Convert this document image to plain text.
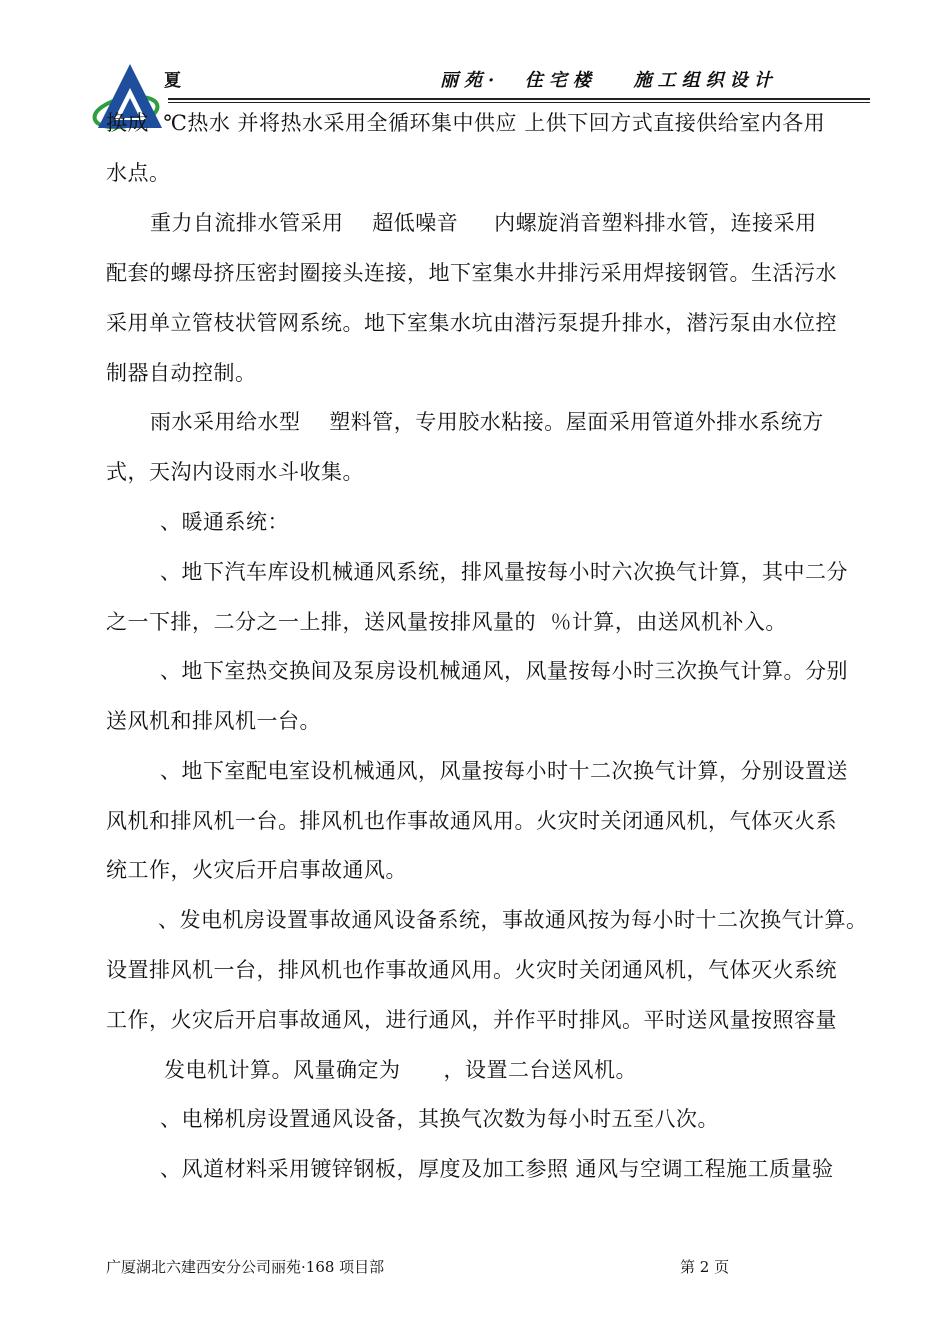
夏	丽苑·  住宅楼   施工组织设计
换成  ℃热水 并将热水采用全循环集中供应 上供下回方式直接供给室内各用
水点。
重力自流排水管采用    超低噪音     内螺旋消音塑料排水管，连接采用
配套的螺母挤压密封圈接头连接，地下室集水井排污采用焊接钢管。生活污水
采用单立管枝状管网系统。地下室集水坑由潜污泵提升排水，潜污泵由水位控
制器自动控制。
雨水采用给水型    塑料管，专用胶水粘接。屋面采用管道外排水系统方
式，天沟内设雨水斗收集。
、暖通系统：
、地下汽车库设机械通风系统，排风量按每小时六次换气计算，其中二分
之一下排，二分之一上排，送风量按排风量的  ％计算，由送风机补入。
、地下室热交换间及泵房设机械通风，风量按每小时三次换气计算。分别
送风机和排风机一台。
、地下室配电室设机械通风，风量按每小时十二次换气计算，分别设置送
风机和排风机一台。排风机也作事故通风用。火灾时关闭通风机，气体灭火系
统工作，火灾后开启事故通风。
、发电机房设置事故通风设备系统，事故通风按为每小时十二次换气计算。
设置排风机一台，排风机也作事故通风用。火灾时关闭通风机，气体灭火系统
工作，火灾后开启事故通风，进行通风，并作平时排风。平时送风量按照容量
发电机计算。风量确定为      ，设置二台送风机。
、电梯机房设置通风设备，其换气次数为每小时五至八次。
、风道材料采用镀锌钢板，厚度及加工参照 通风与空调工程施工质量验
广厦湖北六建西安分公司丽苑·168 项目部	第 2 页
